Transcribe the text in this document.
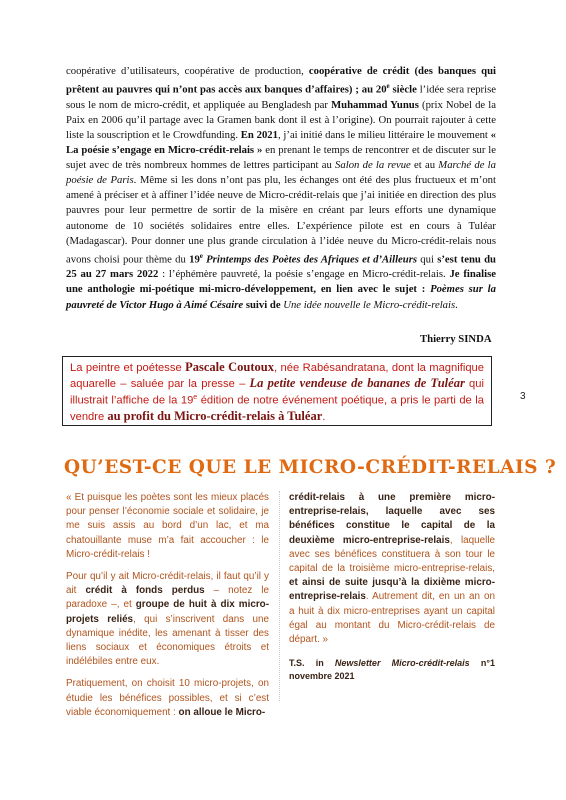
coopérative d’utilisateurs, coopérative de production, coopérative de crédit (des banques qui prêtent au pauvres qui n’ont pas accès aux banques d’affaires) ; au 20e siècle l’idée sera reprise sous le nom de micro-crédit, et appliquée au Bengladesh par Muhammad Yunus (prix Nobel de la Paix en 2006 qu’il partage avec la Gramen bank dont il est à l’origine). On pourrait rajouter à cette liste la souscription et le Crowdfunding. En 2021, j’ai initié dans le milieu littéraire le mouvement « La poésie s’engage en Micro-crédit-relais » en prenant le temps de rencontrer et de discuter sur le sujet avec de très nombreux hommes de lettres participant au Salon de la revue et au Marché de la poésie de Paris. Même si les dons n’ont pas plu, les échanges ont été des plus fructueux et m’ont amené à préciser et à affiner l’idée neuve de Micro-crédit-relais que j’ai initiée en direction des plus pauvres pour leur permettre de sortir de la misère en créant par leurs efforts une dynamique autonome de 10 sociétés solidaires entre elles. L’expérience pilote est en cours à Tuléar (Madagascar). Pour donner une plus grande circulation à l’idée neuve du Micro-crédit-relais nous avons choisi pour thème du 19e Printemps des Poètes des Afriques et d’Ailleurs qui s’est tenu du 25 au 27 mars 2022 : l’éphémère pauvreté, la poésie s’engage en Micro-crédit-relais. Je finalise une anthologie mi-poétique mi-micro-développement, en lien avec le sujet : Poèmes sur la pauvreté de Victor Hugo à Aimé Césaire suivi de Une idée nouvelle le Micro-crédit-relais.

Thierry SINDA
La peintre et poétesse Pascale Coutoux, née Rabésandratana, dont la magnifique aquarelle – saluée par la presse – La petite vendeuse de bananes de Tuléar qui illustrait l’affiche de la 19e édition de notre événement poétique, a pris le parti de la vendre au profit du Micro-crédit-relais à Tuléar.
3
QU’EST-CE QUE LE MICRO-CRÉDIT-RELAIS ?

« Et puisque les poètes sont les mieux placés pour penser l’économie sociale et solidaire, je me suis assis au bord d’un lac, et ma chatouillante muse m’a fait accoucher : le Micro-crédit-relais !

Pour qu’il y ait Micro-crédit-relais, il faut qu’il y ait crédit à fonds perdus – notez le paradoxe –, et groupe de huit à dix micro-projets reliés, qui s’inscrivent dans une dynamique inédite, les amenant à tisser des liens sociaux et économiques étroits et indélébiles entre eux.

Pratiquement, on choisit 10 micro-projets, on étudie les bénéfices possibles, et si c’est viable économiquement : on alloue le Micro-

crédit-relais à une première micro-entreprise-relais, laquelle avec ses bénéfices constitue le capital de la deuxième micro-entreprise-relais, laquelle avec ses bénéfices constituera à son tour le capital de la troisième micro-entreprise-relais, et ainsi de suite jusqu’à la dixième micro-entreprise-relais. Autrement dit, en un an on a huit à dix micro-entreprises ayant un capital égal au montant du Micro-crédit-relais de départ. »

T.S. in Newsletter Micro-crédit-relais n°1 novembre 2021
